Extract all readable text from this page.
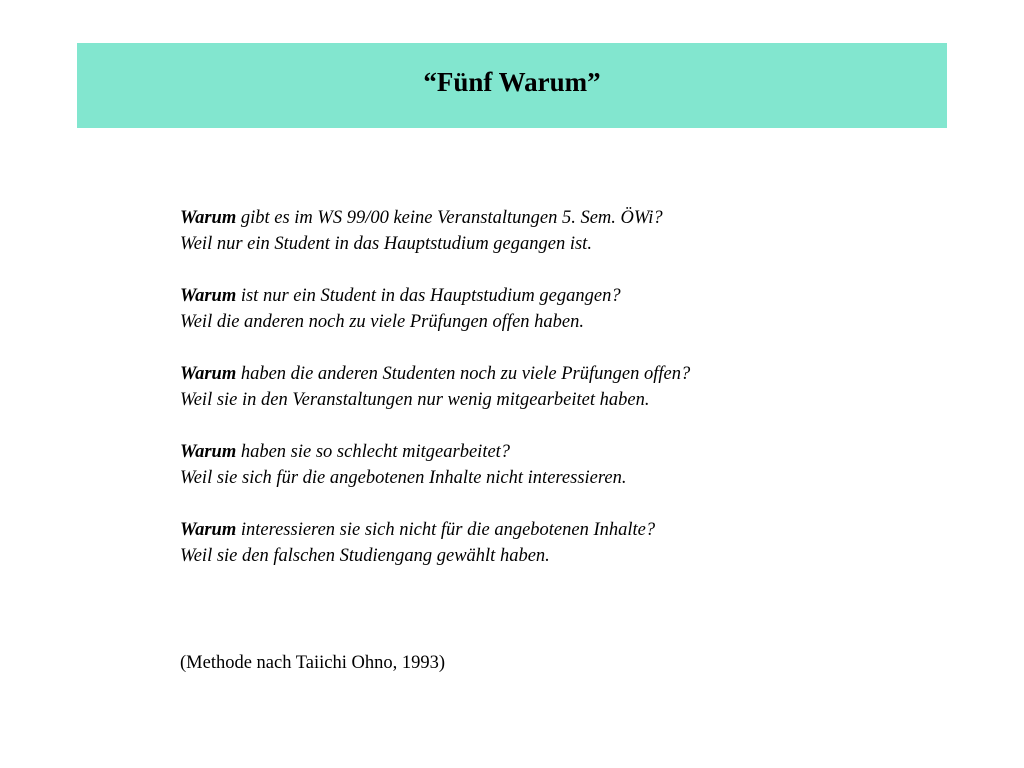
“Fünf Warum”

Warum gibt es im WS 99/00 keine Veranstaltungen 5. Sem. ÖWi?

Weil nur ein Student in das Hauptstudium gegangen ist.

Warum ist nur ein Student in das Hauptstudium gegangen?

Weil die anderen noch zu viele Prüfungen offen haben.

Warum haben die anderen Studenten noch zu viele Prüfungen offen?

Weil sie in den Veranstaltungen nur wenig mitgearbeitet haben.

Warum haben sie so schlecht mitgearbeitet?

Weil sie sich für die angebotenen Inhalte nicht interessieren.

Warum interessieren sie sich nicht für die angebotenen Inhalte?

Weil sie den falschen Studiengang gewählt haben.

(Methode nach Taiichi Ohno, 1993)
